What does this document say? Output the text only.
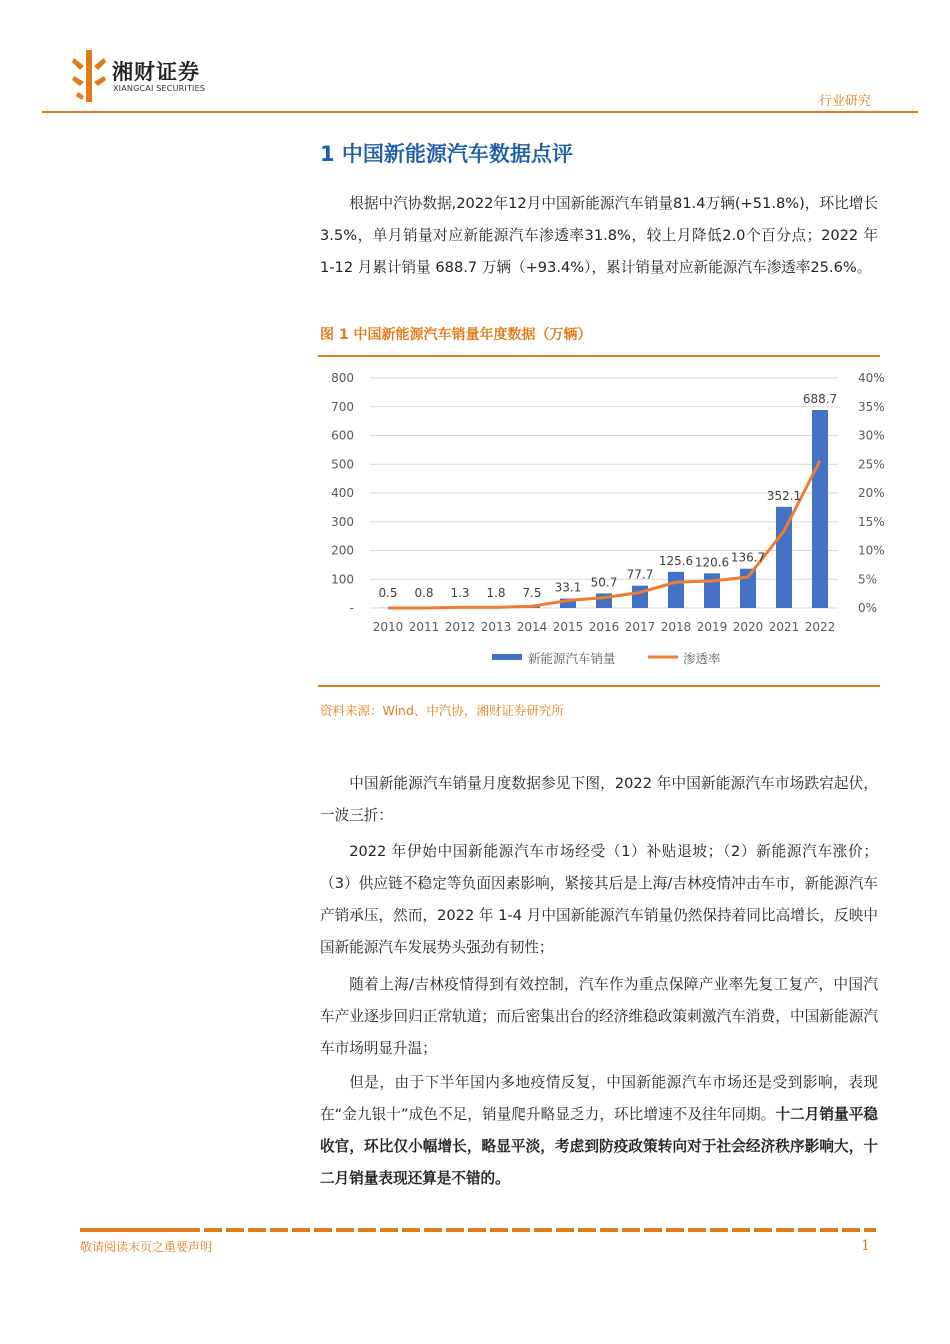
湘财证券
XIANGCAI SECURITIES
行业研究
1 中国新能源汽车数据点评
根据中汽协数据,2022年12月中国新能源汽车销量81.4万辆(+51.8%)，环比增长3.5%，单月销量对应新能源汽车渗透率31.8%，较上月降低2.0个百分点；2022 年 1-12 月累计销量 688.7 万辆（+93.4%），累计销量对应新能源汽车渗透率25.6%。
图 1 中国新能源汽车销量年度数据（万辆）
-
100
200
300
400
500
600
700
800
0%
5%
10%
15%
20%
25%
30%
35%
40%
0.5 0.8 1.3 1.8 7.5 33.1 50.7
77.7
125.6 120.6 136.7
352.1
688.7
2010 2011 2012 2013 2014 2015 2016 2017 2018 2019 2020 2021 2022
新能源汽车销量	渗透率
资料来源：Wind、中汽协，湘财证券研究所
中国新能源汽车销量月度数据参见下图，2022 年中国新能源汽车市场跌宕起伏，一波三折：
2022 年伊始中国新能源汽车市场经受（1）补贴退坡；（2）新能源汽车涨价；（3）供应链不稳定等负面因素影响，紧接其后是上海/吉林疫情冲击车市，新能源汽车产销承压，然而，2022 年 1-4 月中国新能源汽车销量仍然保持着同比高增长，反映中国新能源汽车发展势头强劲有韧性；
随着上海/吉林疫情得到有效控制，汽车作为重点保障产业率先复工复产，中国汽车产业逐步回归正常轨道；而后密集出台的经济维稳政策刺激汽车消费，中国新能源汽车市场明显升温；
但是，由于下半年国内多地疫情反复，中国新能源汽车市场还是受到影响，表现在“金九银十”成色不足，销量爬升略显乏力，环比增速不及往年同期。十二月销量平稳收官，环比仅小幅增长，略显平淡，考虑到防疫政策转向对于社会经济秩序影响大，十二月销量表现还算是不错的。
敬请阅读末页之重要声明	1
